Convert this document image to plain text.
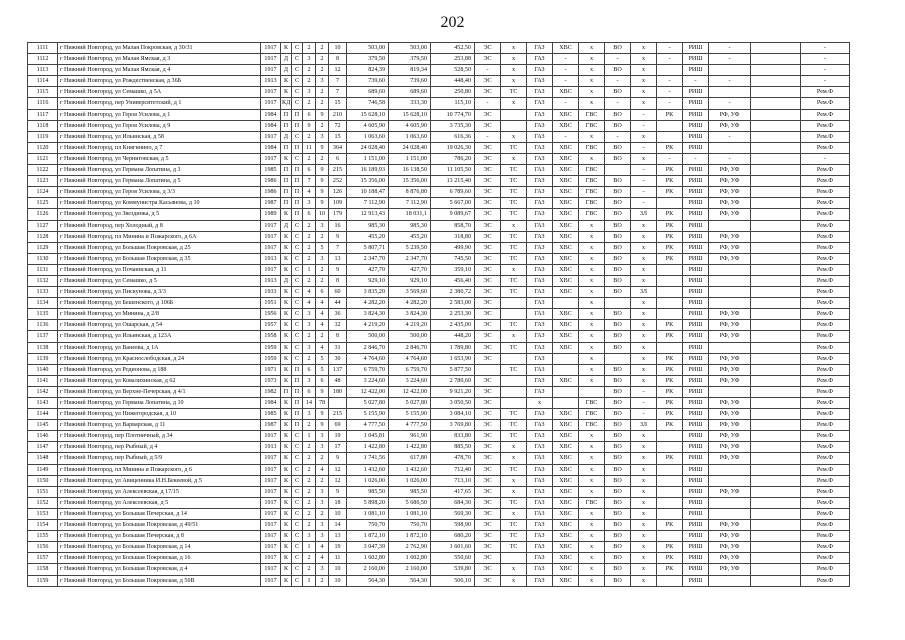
202
1111	г Нижний Новгород, ул Малая Покровская, д 30/31	1917	К	С	2	2	10	503,00	503,00	452,50	ЭС	х	ГАЗ	ХВС	х	ВО	х	-	РИШ	-		-
1112	г Нижний Новгород, ул Малая Ямская, д 3	1917	Д	С	3	2	8	379,50	379,50	253,88	ЭС	х	ГАЗ	-	х	-	х	-	РИШ	-		-
1113	г Нижний Новгород, ул Малая Ямская, д 4	1917	Д	С	2	2	12	824,39	819,34	528,50	-	х	ГАЗ	-	х	ВО	х		РИШ			-
1114	г Нижний Новгород, ул Рождественская, д 36Б	1913	К	С	2	3	7	739,60	739,60	448,40	ЭС	х	ГАЗ	-	х	-	х	-	-	-		-
1115	г Нижний Новгород, ул Семашко, д 5А	1917	К	С	3	2	7	689,60	689,60	250,80	ЭС	ТС	ГАЗ	ХВС	х	ВО	х	-	РИШ			Рем.Ф
1116	г Нижний Новгород, пер Университетский, д 1	1917	КД	С	2	2	15	746,58	333,30	115,10	-	х	ГАЗ	-	х	-	х	-	РИШ	-		Рем.Ф
1117	г Нижний Новгород, ул Героя Усилова, д 1	1984	П	П	6	9	210	15 628,10	15 628,10	10 774,70	ЭС		ГАЗ	ХВС	ГВС	ВО	-	РК	РИШ	РФ, УФ		Рем.Ф
1118	г Нижний Новгород, ул Героя Усилова, д 9	1984	П	П	9	2	72	4 605,90	4 605,90	3 735,30	ЭС		ГАЗ	ХВС	ГВС	ВО	-		РИШ	РФ, УФ		Рем.Ф
1119	г Нижний Новгород, ул Ильинская, д 58	1917	Д	С	2	3	15	1 063,60	1 063,60	616,36	-	х	ГАЗ	-	х	-	х		РИШ	-		Рем.Ф
1120	г Нижний Новгород, пл Княгинино, д 7	1984	П	П	11	9	364	24 028,40	24 028,40	19 026,30	ЭС	ТС	ГАЗ	ХВС	ГВС	ВО	-	РК	РИШ			Рем.Ф
1121	г Нижний Новгород, ул Черниговская, д 5	1917	К	С	2	2	6	1 151,00	1 151,00	786,20	ЭС	х	ГАЗ	ХВС	х	ВО	х	-	-	-		-
1122	г Нижний Новгород, ул Германа Лопатина, д 3	1985	П	П	6	9	215	16 189,93	16 138,50	11 105,50	ЭС	ТС	ГАЗ	ХВС	ГВС		-	РК	РИШ	РФ, УФ		Рем.Ф
1123	г Нижний Новгород, ул Германа Лопатина, д 5	1986	П	П	7	9	252	15 356,00	15 356,00	13 215,40	ЭС	ТС	ГАЗ	ХВС	ГВС	ВО	-	РК	РИШ	РФ, УФ		Рем.Ф
1124	г Нижний Новгород, ул Героя Усилова, д 3/3	1986	П	П	4	9	126	10 188,47	8 876,80	6 789,60	ЭС	ТС	ГАЗ	ХВС	ГВС	ВО	-	РК	РИШ	РФ, УФ		Рем.Ф
1125	г Нижний Новгород, ул Коммунистра Касьянова, д 10	1987	П	П	3	9	109	7 112,90	7 112,90	5 667,00	ЭС	ТС	ГАЗ	ХВС	ГВС	ВО	-		РИШ	РФ, УФ		Рем.Ф
1126	г Нижний Новгород, ул Звездинка, д 5	1989	К	П	6	10	179	12 913,43	18 031,1	9 089,67	ЭС	ТС	ГАЗ	ХВС	ГВС	ВО	ЗЛ	РК	РИШ	РФ, УФ		Рем.Ф
1127	г Нижний Новгород, пер Холодный, д 8	1917	Д	С	2	3	16	985,30	985,30	858,70	ЭС	х	ГАЗ	ХВС	х	ВО	х	РК	РИШ			Рем.Ф
1128	г Нижний Новгород, пл Минина и Пожарского, д 6А	1917	К	С	2	2	9	455,20	455,20	318,80	ЭС	ТС	ГАЗ	ХВС	х	ВО	х	РК	РИШ	РФ, УФ		Рем.Ф
1129	г Нижний Новгород, ул Большая Покровская, д 25	1917	К	С	2	5	7	5 807,71	5 239,50	499,90	ЭС	ТС	ГАЗ	ХВС	х	ВО	х	РК	РИШ	РФ, УФ		Рем.Ф
1130	г Нижний Новгород, ул Большая Покровская, д 35	1913	К	С	2	3	13	2 347,70	2 347,70	745,50	ЭС	ТС	ГАЗ	ХВС	х	ВО	х	РК	РИШ	РФ, УФ		Рем.Ф
1131	г Нижний Новгород, ул Почаинская, д 11	1917	К	С	1	2	9	427,70	427,70	359,10	ЭС	х	ГАЗ	ХВС	х	ВО	х		РИШ			Рем.Ф
1132	г Нижний Новгород, ул Семашко, д 5	1913	Д	С	2	2	8	929,10	929,10	456,40	ЭС	ТС	ГАЗ	ХВС	х	ВО	х		РИШ			Рем.Ф
1133	г Нижний Новгород, ул Пискунова, д 3/3	1933	К	С	4	6	60	3 835,20	3 569,60	2 380,72	ЭС	ТС	ГАЗ	ХВС	х	ВО	ЗЛ		РИШ			Рем.Ф
1134	г Нижний Новгород, ул Бешенского, д 106Б	1951	К	С	4	4	44	4 282,20	4 282,20	2 583,00	ЭС		ГАЗ		х		х		РИШ			Рем.Ф
1135	г Нижний Новгород, ул Минина, д 2/8	1956	К	С	3	4	36	3 824,30	3 824,30	2 253,30	ЭС		ГАЗ	ХВС	х	ВО	х		РИШ	РФ, УФ		Рем.Ф
1136	г Нижний Новгород, ул Ошарская, д 54	1957	К	С	3	4	32	4 219,20	4 219,20	2 435,00	ЭС	ТС	ГАЗ	ХВС	х	ВО	х	РК	РИШ	РФ, УФ		Рем.Ф
1137	г Нижний Новгород, ул Ильинская, д 123А	1958	К	С	2	2	8	500,00	500,00	448,20	ЭС	х	ГАЗ	ХВС	х	ВО	х	РК	РИШ	РФ, УФ		Рем.Ф
1138	г Нижний Новгород, ул Ванеева, д 1А	1959	К	С	3	4	31	2 846,70	2 846,70	1 789,80	ЭС	ТС	ГАЗ	ХВС	х	ВО	х		РИШ			Рем.Ф
1139	г Нижний Новгород, ул Краснослободская, д 24	1959	К	С	2	5	30	4 764,60	4 764,60	1 653,90	ЭС		ГАЗ		х		х	РК	РИШ	РФ, УФ		Рем.Ф
1140	г Нижний Новгород, ул Родионова, д 188	1971	К	П	6	5	137	6 759,70	6 759,70	5 877,50		ТС	ГАЗ		х	ВО	х	РК	РИШ	РФ, УФ		Рем.Ф
1141	г Нижний Новгород, ул Ковалихинская, д 62	1973	К	П	3	6	48	3 224,60	3 224,60	2 780,60	ЭС		ГАЗ	ХВС	х	ВО	х	РК	РИШ	РФ, УФ		Рем.Ф
1142	г Нижний Новгород, ул Верхне-Печерская, д 4/1	1982	П	П	6	9	180	12 422,00	12 422,00	9 921,20	ЭС		ГАЗ			ВО	-	РК	РИШ			Рем.Ф
1143	г Нижний Новгород, ул Германа Лопатина, д 10	1984	К	П	14	78		5 027,80	5 027,80	3 050,50	ЭС		х		ГВС	ВО	-	РК	РИШ	РФ, УФ		Рем.Ф
1144	г Нижний Новгород, ул Нижегородская, д 10	1985	К	П	3	9	215	5 155,90	5 155,90	3 084,10	ЭС	ТС	ГАЗ	ХВС	ГВС	ВО	-	РК	РИШ	РФ, УФ		Рем.Ф
1145	г Нижний Новгород, ул Варварская, д 11	1987	К	П	2	9	69	4 777,50	4 777,50	3 769,80	ЭС	ТС	ГАЗ	ХВС	ГВС	ВО	ЗЛ	РК	РИШ	РФ, УФ		Рем.Ф
1146	г Нижний Новгород, пер Плотничный, д 34	1917	К	С	1	3	19	1 045,81	961,90	833,80	ЭС	ТС	ГАЗ	ХВС	х	ВО	х		РИШ	РФ, УФ		Рем.Ф
1147	г Нижний Новгород, пер Рыбный, д 4	1913	К	С	2	3	17	1 422,80	1 422,80	885,50	ЭС	х	ГАЗ	ХВС	х	ВО	х		РИШ	РФ, УФ		Рем.Ф
1148	г Нижний Новгород, пер Рыбный, д 5/9	1917	К	С	2	2	9	1 741,56	617,80	478,70	ЭС	х	ГАЗ	ХВС	х	ВО	х	РК	РИШ	РФ, УФ		Рем.Ф
1149	г Нижний Новгород, пл Минина и Пожарского, д 6	1917	К	С	2	4	12	1 432,60	1 432,60	712,40	ЭС	ТС	ГАЗ	ХВС	х	ВО	х		РИШ			Рем.Ф
1150	г Нижний Новгород, ул Авиценника И.Н.Бекеевой, д 5	1917	К	С	2	2	12	1 026,00	1 026,00	713,10	ЭС	х	ГАЗ	ХВС	х	ВО	х		РИШ			Рем.Ф
1151	г Нижний Новгород, ул Алексеевская, д 17/15	1917	К	С	2	3	9	985,50	985,50	417,65	ЭС	х	ГАЗ	ХВС	х	ВО	х		РИШ	РФ, УФ		Рем.Ф
1152	г Нижний Новгород, ул Алексеевская, д 5	1917	К	С	2	3	18	5 898,20	5 686,50	684,30	ЭС	ТС	ГАЗ	ХВС	ГВС	ВО	х		РИШ			Рем.Ф
1153	г Нижний Новгород, ул Большая Печерская, д 14	1917	К	С	2	2	10	1 081,10	1 081,10	569,30	ЭС	х	ГАЗ	ХВС	х	ВО	х		РИШ			Рем.Ф
1154	г Нижний Новгород, ул Большая Покровская, д 49/51	1917	К	С	2	3	14	750,70	750,70	598,90	ЭС	ТС	ГАЗ	ХВС	х	ВО	х	РК	РИШ	РФ, УФ		Рем.Ф
1155	г Нижний Новгород, ул Большая Печерская, д 8	1917	К	С	3	3	13	1 872,10	1 872,10	680,20	ЭС	ТС	ГАЗ	ХВС	х	ВО	х		РИШ	РФ, УФ		Рем.Ф
1156	г Нижний Новгород, ул Большая Покровская, д 14	1917	К	С	1	4	19	3 047,39	2 762,90	1 601,60	ЭС	ТС	ГАЗ	ХВС	х	ВО	х	РК	РИШ	РФ, УФ		Рем.Ф
1157	г Нижний Новгород, ул Большая Покровская, д 16	1917	К	С	2	4	11	1 602,80	1 602,80	550,60	ЭС		ГАЗ	ХВС	х	ВО	х	РК	РИШ	РФ, УФ		Рем.Ф
1158	г Нижний Новгород, ул Большая Покровская, д 4	1917	К	С	2	3	10	2 160,00	2 160,00	539,80	ЭС	х	ГАЗ	ХВС	х	ВО	х	РК	РИШ	РФ, УФ		Рем.Ф
1159	г Нижний Новгород, ул Большая Покровская, д 50В	1917	К	С	1	2	10	564,30	564,30	506,10	ЭС	х	ГАЗ	ХВС	х	ВО	х		РИШ			Рем.Ф
